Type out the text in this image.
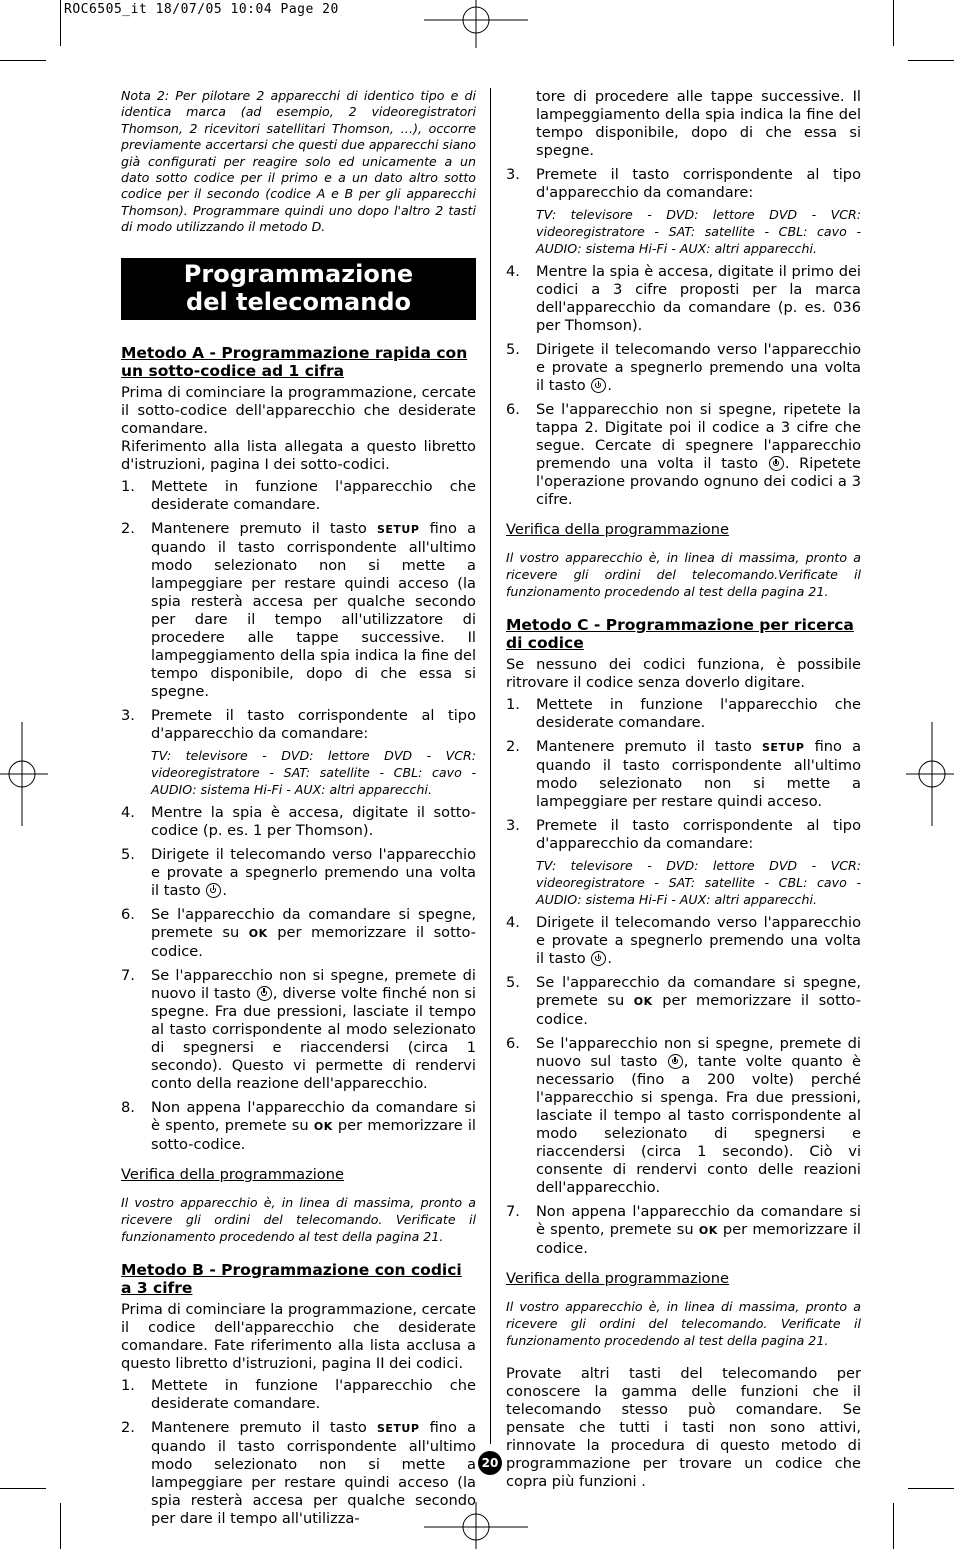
ROC6505_it 18/07/05 10:04 Page 20

Nota 2: Per pilotare 2 apparecchi di identico tipo e di identica marca (ad esempio, 2 videoregistratori Thomson, 2 ricevitori satellitari Thomson, …), occorre previamente accertarsi che questi due apparecchi siano già configurati per reagire solo ed unicamente a un dato sotto codice per il primo e a un dato altro sotto codice per il secondo (codice A e B per gli apparecchi Thomson). Programmare quindi uno dopo l'altro 2 tasti di modo utilizzando il metodo D.

Programmazione
del telecomando

Metodo A - Programmazione rapida con un sotto-codice ad 1 cifra

Prima di cominciare la programmazione, cercate il sotto-codice dell'apparecchio che desiderate comandare.

Riferimento alla lista allegata a questo libretto d'istruzioni, pagina I dei sotto-codici.

1. Mettete in funzione l'apparecchio che desiderate comandare.
2. Mantenere premuto il tasto SETUP fino a quando il tasto corrispondente all'ultimo modo selezionato non si mette a lampeggiare per restare quindi acceso (la spia resterà accesa per qualche secondo per dare il tempo all'utilizzatore di procedere alle tappe successive. Il lampeggiamento della spia indica la fine del tempo disponibile, dopo di che essa si spegne.
3. Premete il tasto corrispondente al tipo d'apparecchio da comandare:
TV: televisore - DVD: lettore DVD - VCR: videoregistratore - SAT: satellite - CBL: cavo - AUDIO: sistema Hi-Fi - AUX: altri apparecchi.
4. Mentre la spia è accesa, digitate il sotto-codice (p. es. 1 per Thomson).
5. Dirigete il telecomando verso l'apparecchio e provate a spegnerlo premendo una volta il tasto .
6. Se l'apparecchio da comandare si spegne, premete su OK per memorizzare il sotto-codice.
7. Se l'apparecchio non si spegne, premete di nuovo il tasto , diverse volte finché non si spegne. Fra due pressioni, lasciate il tempo al tasto corrispondente al modo selezionato di spegnersi e riaccendersi (circa 1 secondo). Questo vi permette di rendervi conto della reazione dell'apparecchio.
8. Non appena l'apparecchio da comandare si è spento, premete su OK per memorizzare il sotto-codice.

Verifica della programmazione

Il vostro apparecchio è, in linea di massima, pronto a ricevere gli ordini del telecomando. Verificate il funzionamento procedendo al test della pagina 21.

Metodo B - Programmazione con codici a 3 cifre

Prima di cominciare la programmazione, cercate il codice dell'apparecchio che desiderate comandare. Fate riferimento alla lista acclusa a questo libretto d'istruzioni, pagina II dei codici.

1. Mettete in funzione l'apparecchio che desiderate comandare.
2. Mantenere premuto il tasto SETUP fino a quando il tasto corrispondente all'ultimo modo selezionato non si mette a lampeggiare per restare quindi acceso (la spia resterà accesa per qualche secondo per dare il tempo all'utilizza-

tore di procedere alle tappe successive. Il lampeggiamento della spia indica la fine del tempo disponibile, dopo di che essa si spegne.

3. Premete il tasto corrispondente al tipo d'apparecchio da comandare:
TV: televisore - DVD: lettore DVD - VCR: videoregistratore - SAT: satellite - CBL: cavo - AUDIO: sistema Hi-Fi - AUX: altri apparecchi.
4. Mentre la spia è accesa, digitate il primo dei codici a 3 cifre proposti per la marca dell'apparecchio da comandare (p. es. 036 per Thomson).
5. Dirigete il telecomando verso l'apparecchio e provate a spegnerlo premendo una volta il tasto .
6. Se l'apparecchio non si spegne, ripetete la tappa 2. Digitate poi il codice a 3 cifre che segue. Cercate di spegnere l'apparecchio premendo una volta il tasto . Ripetete l'operazione provando ognuno dei codici a 3 cifre.

Verifica della programmazione

Il vostro apparecchio è, in linea di massima, pronto a ricevere gli ordini del telecomando.Verificate il funzionamento procedendo al test della pagina 21.

Metodo C - Programmazione per ricerca di codice

Se nessuno dei codici funziona, è possibile ritrovare il codice senza doverlo digitare.

1. Mettete in funzione l'apparecchio che desiderate comandare.
2. Mantenere premuto il tasto SETUP fino a quando il tasto corrispondente all'ultimo modo selezionato non si mette a lampeggiare per restare quindi acceso.
3. Premete il tasto corrispondente al tipo d'apparecchio da comandare:
TV: televisore - DVD: lettore DVD - VCR: videoregistratore - SAT: satellite - CBL: cavo - AUDIO: sistema Hi-Fi - AUX: altri apparecchi.
4. Dirigete il telecomando verso l'apparecchio e provate a spegnerlo premendo una volta il tasto .
5. Se l'apparecchio da comandare si spegne, premete su OK per memorizzare il sotto-codice.
6. Se l'apparecchio non si spegne, premete di nuovo sul tasto , tante volte quanto è necessario (fino a 200 volte) perché l'apparecchio si spenga. Fra due pressioni, lasciate il tempo al tasto corrispondente al modo selezionato di spegnersi e riaccendersi (circa 1 secondo). Ciò vi consente di rendervi conto delle reazioni dell'apparecchio.
7. Non appena l'apparecchio da comandare si è spento, premete su OK per memorizzare il codice.

Verifica della programmazione

Il vostro apparecchio è, in linea di massima, pronto a ricevere gli ordini del telecomando. Verificate il funzionamento procedendo al test della pagina 21.

Provate altri tasti del telecomando per conoscere la gamma delle funzioni che il telecomando stesso può comandare. Se pensate che tutti i tasti non sono attivi, rinnovate la procedura di questo metodo di programmazione per trovare un codice che copra più funzioni .

20
